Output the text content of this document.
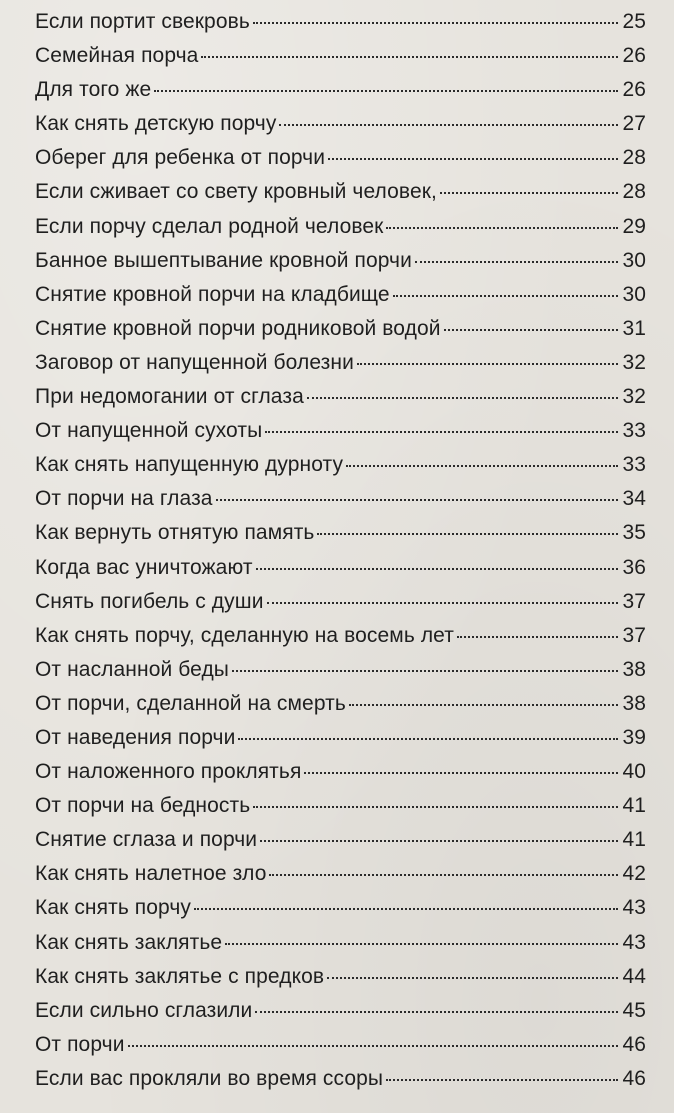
Если портит свекровь	25
Семейная порча	26
Для того же	26
Как снять детскую порчу	27
Оберег для ребенка от порчи	28
Если сживает со свету кровный человек,	28
Если порчу сделал родной человек	29
Банное вышептывание кровной порчи	30
Снятие кровной порчи на кладбище	30
Снятие кровной порчи родниковой водой	31
Заговор от напущенной болезни	32
При недомогании от сглаза	32
От напущенной сухоты	33
Как снять напущенную дурноту	33
От порчи на глаза	34
Как вернуть отнятую память	35
Когда вас уничтожают	36
Снять погибель с души	37
Как снять порчу, сделанную на восемь лет	37
От насланной беды	38
От порчи, сделанной на смерть	38
От наведения порчи	39
От наложенного проклятья	40
От порчи на бедность	41
Снятие сглаза и порчи	41
Как снять налетное зло	42
Как снять порчу	43
Как снять заклятье	43
Как снять заклятье с предков	44
Если сильно сглазили	45
От порчи	46
Если вас прокляли во время ссоры	46
